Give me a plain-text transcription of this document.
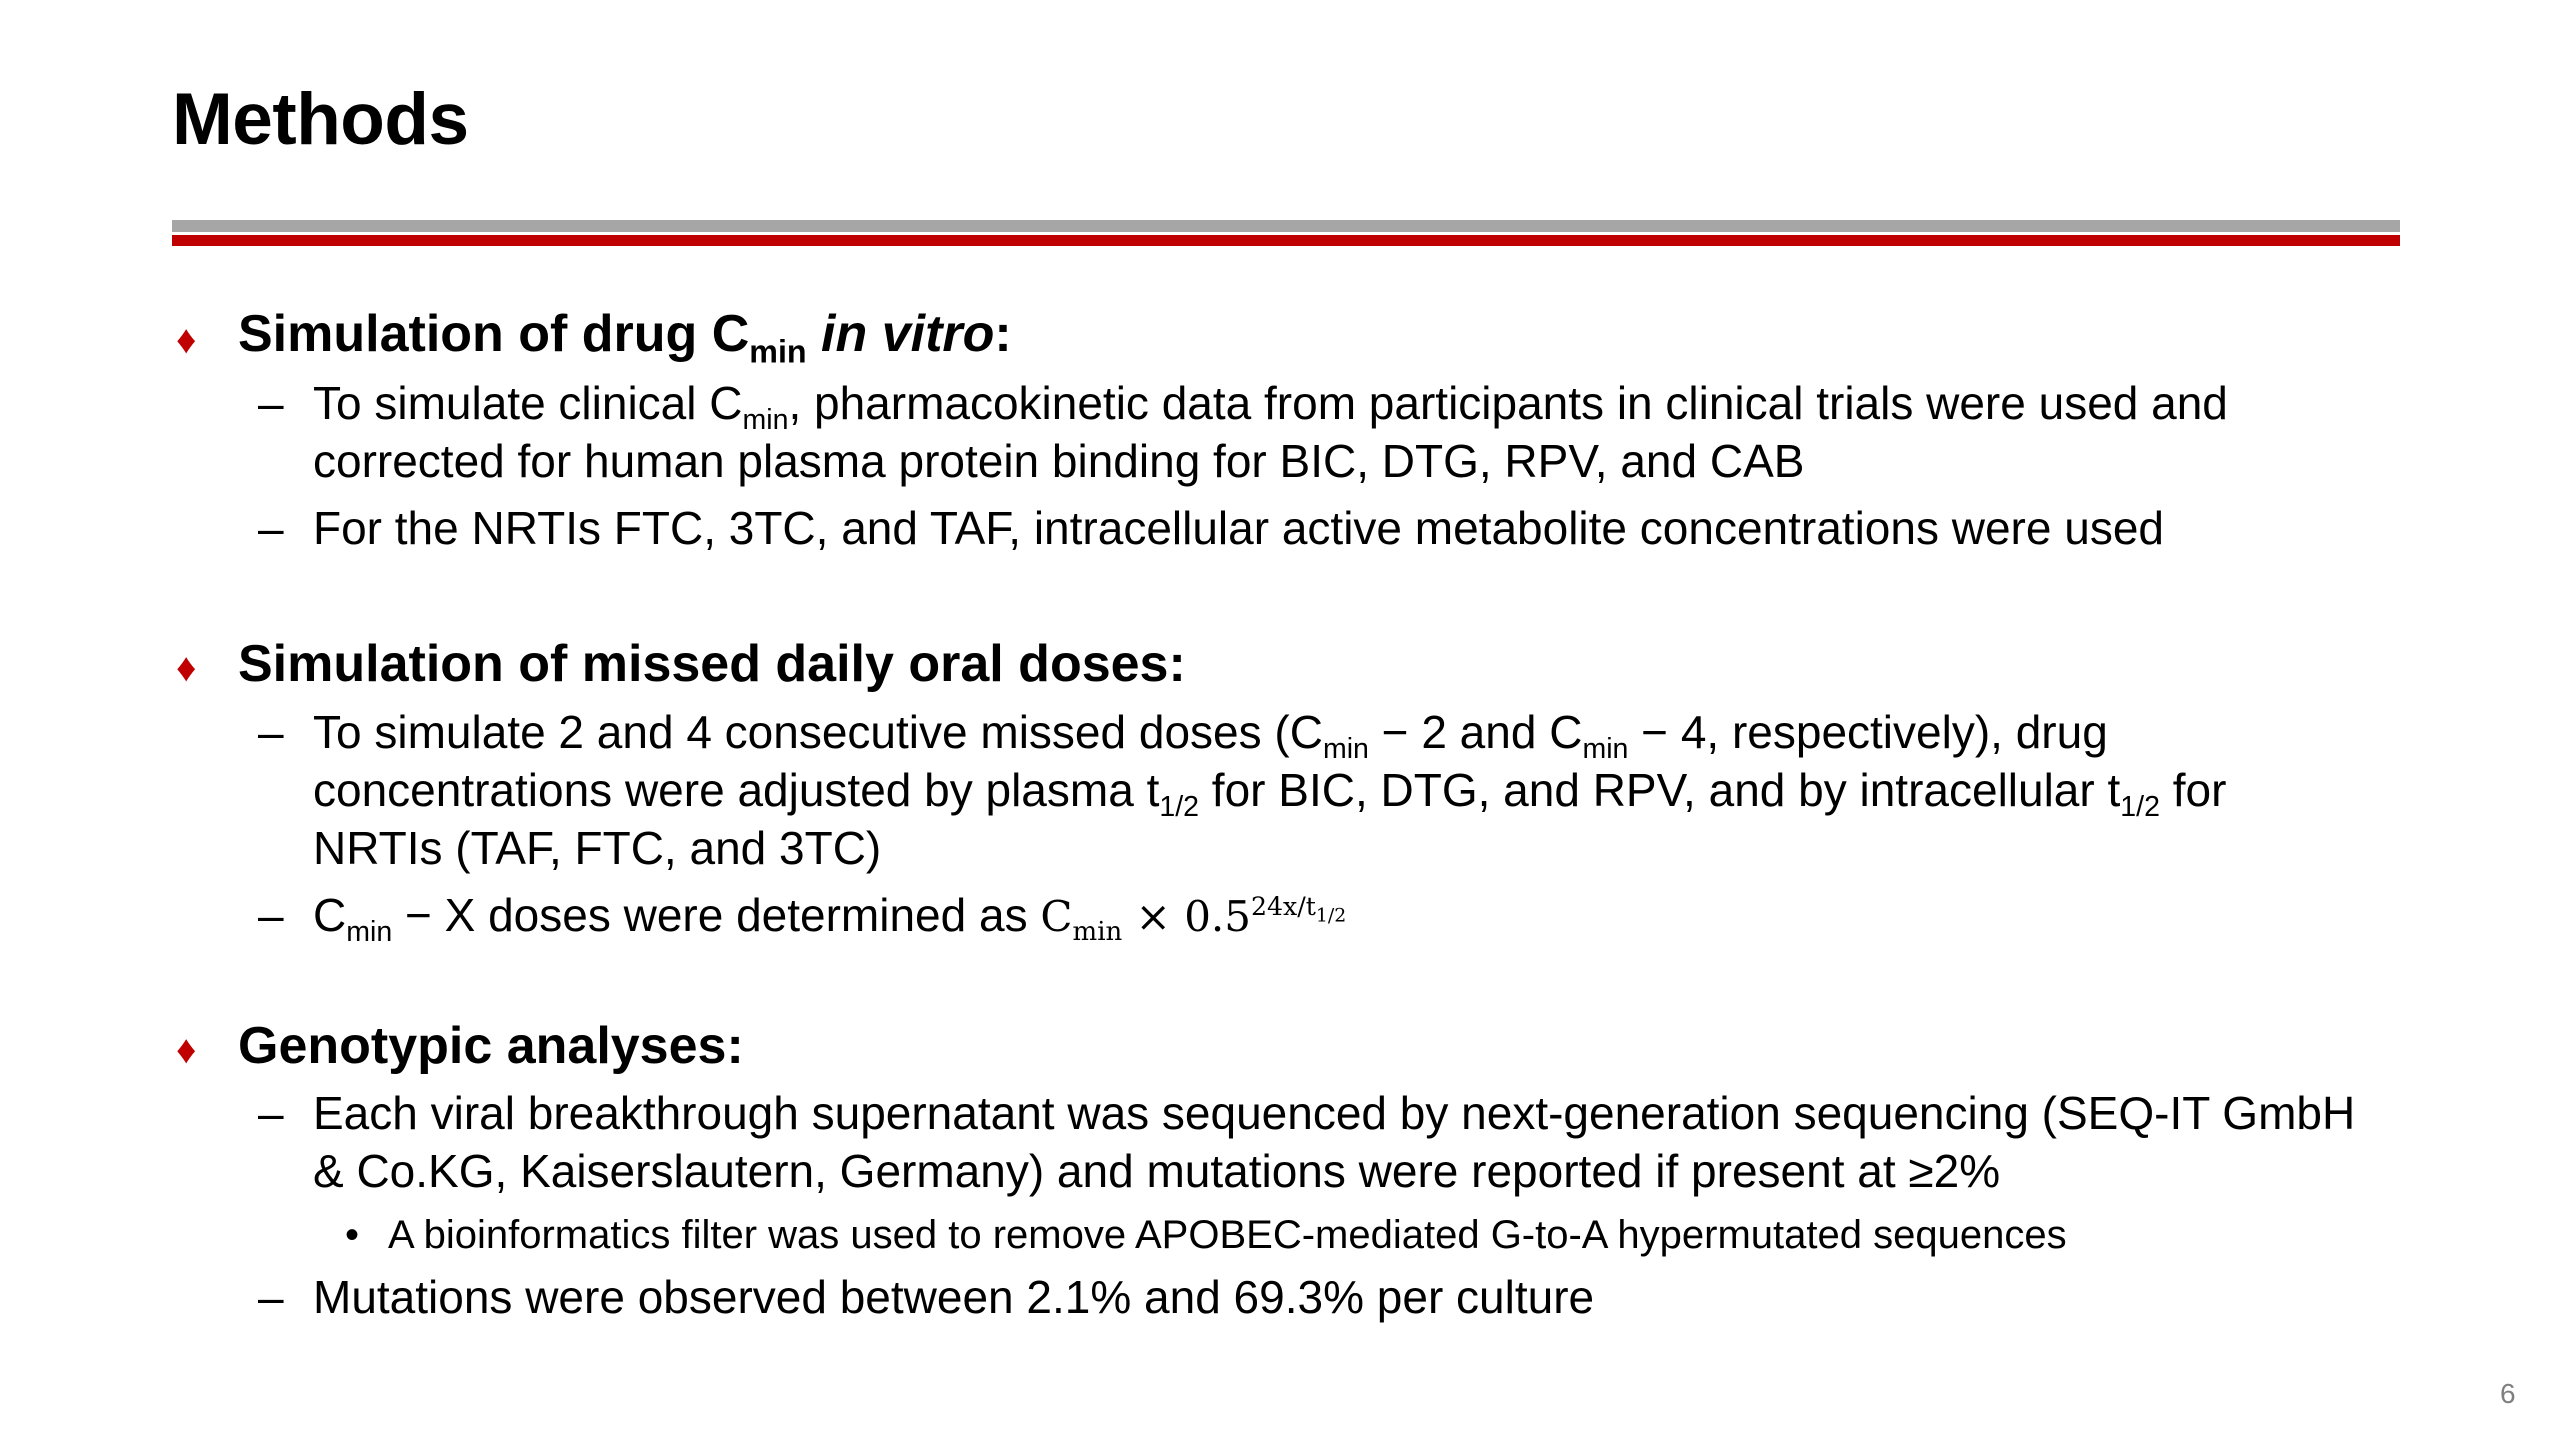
Methods
♦ Simulation of drug $C_{min}$ in vitro:
– To simulate clinical $C_{min}$, pharmacokinetic data from participants in clinical trials were used and corrected for human plasma protein binding for BIC, DTG, RPV, and CAB
– For the NRTIs FTC, 3TC, and TAF, intracellular active metabolite concentrations were used
♦ Simulation of missed daily oral doses:
– To simulate 2 and 4 consecutive missed doses ($C_{min} - 2$ and $C_{min} - 4$, respectively), drug concentrations were adjusted by plasma $t_{1/2}$ for BIC, DTG, and RPV, and by intracellular $t_{1/2}$ for NRTIs (TAF, FTC, and 3TC)
– $C_{min} - X$ doses were determined as $C_{min} \times 0.5^{24x/t_{1/2}}$
♦ Genotypic analyses:
– Each viral breakthrough supernatant was sequenced by next-generation sequencing (SEQ-IT GmbH & Co.KG, Kaiserslautern, Germany) and mutations were reported if present at ≥2%
• A bioinformatics filter was used to remove APOBEC-mediated G-to-A hypermutated sequences
– Mutations were observed between 2.1% and 69.3% per culture
6
